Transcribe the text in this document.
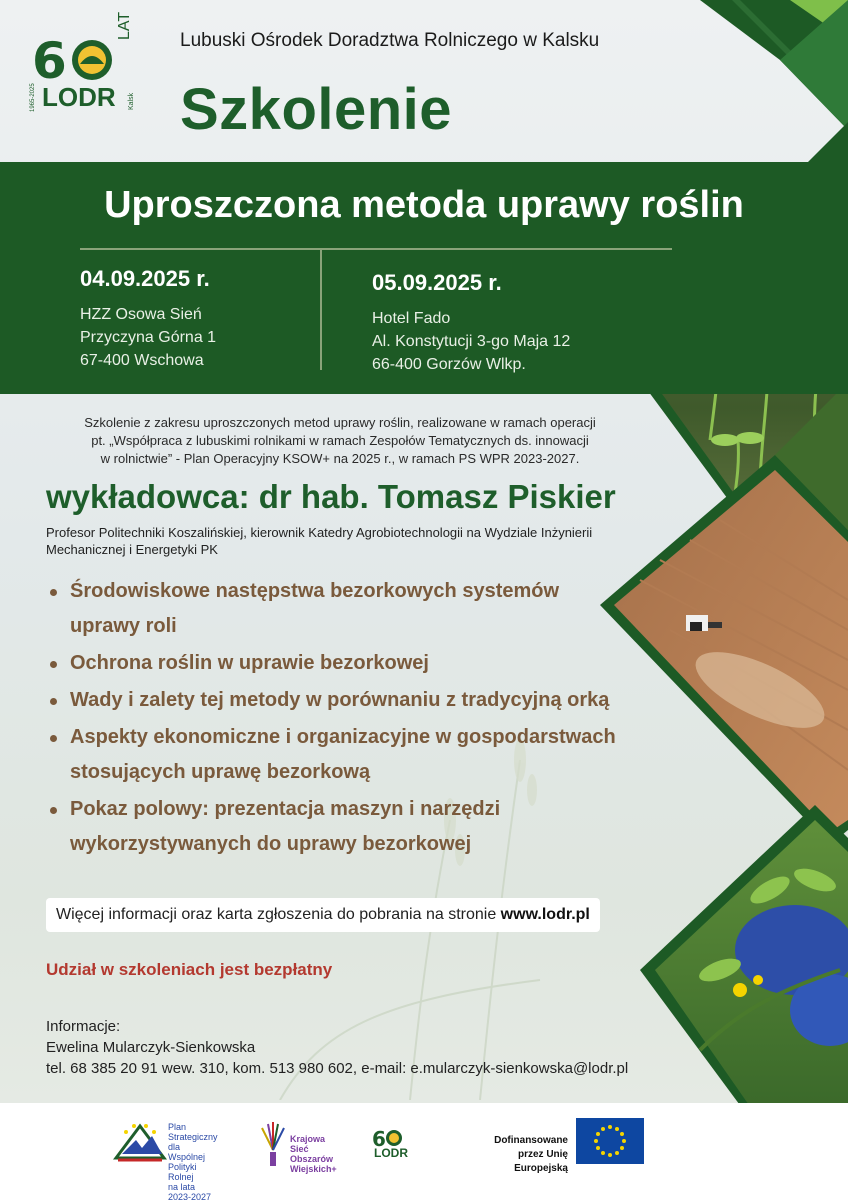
6
LAT
LODR
1965-2025	Kalsk
Lubuski Ośrodek Doradztwa Rolniczego w Kalsku
Szkolenie
Uproszczona metoda uprawy roślin
04.09.2025 r.
HZZ Osowa Sień
Przyczyna Górna 1
67-400 Wschowa
05.09.2025 r.
Hotel Fado
Al. Konstytucji 3-go Maja 12
66-400 Gorzów Wlkp.
Szkolenie z zakresu uproszczonych metod uprawy roślin, realizowane w ramach operacji
pt. „Współpraca z lubuskimi rolnikami w ramach Zespołów Tematycznych ds. innowacji
w rolnictwie” - Plan Operacyjny KSOW+ na 2025 r., w ramach PS WPR 2023-2027.
wykładowca: dr hab. Tomasz Piskier
Profesor Politechniki Koszalińskiej, kierownik Katedry Agrobiotechnologii na Wydziale Inżynierii
Mechanicznej i Energetyki PK
Środowiskowe następstwa bezorkowych systemów
uprawy roli
Ochrona roślin w uprawie bezorkowej
Wady i zalety tej metody w porównaniu z tradycyjną orką
Aspekty ekonomiczne i organizacyjne w gospodarstwach
stosujących uprawę bezorkową
Pokaz polowy: prezentacja maszyn i narzędzi
wykorzystywanych do uprawy bezorkowej
Więcej informacji oraz karta zgłoszenia do pobrania na stronie www.lodr.pl
Udział w szkoleniach jest bezpłatny
Informacje:
Ewelina Mularczyk-Sienkowska
tel. 68 385 20 91 wew. 310, kom. 513 980 602, e-mail: e.mularczyk-sienkowska@lodr.pl
Plan
Strategiczny dla
Wspólnej
Polityki
Rolnej
na lata 2023-2027
Krajowa
Sieć
Obszarów
Wiejskich+
6
LODR
Dofinansowane
przez Unię Europejską
